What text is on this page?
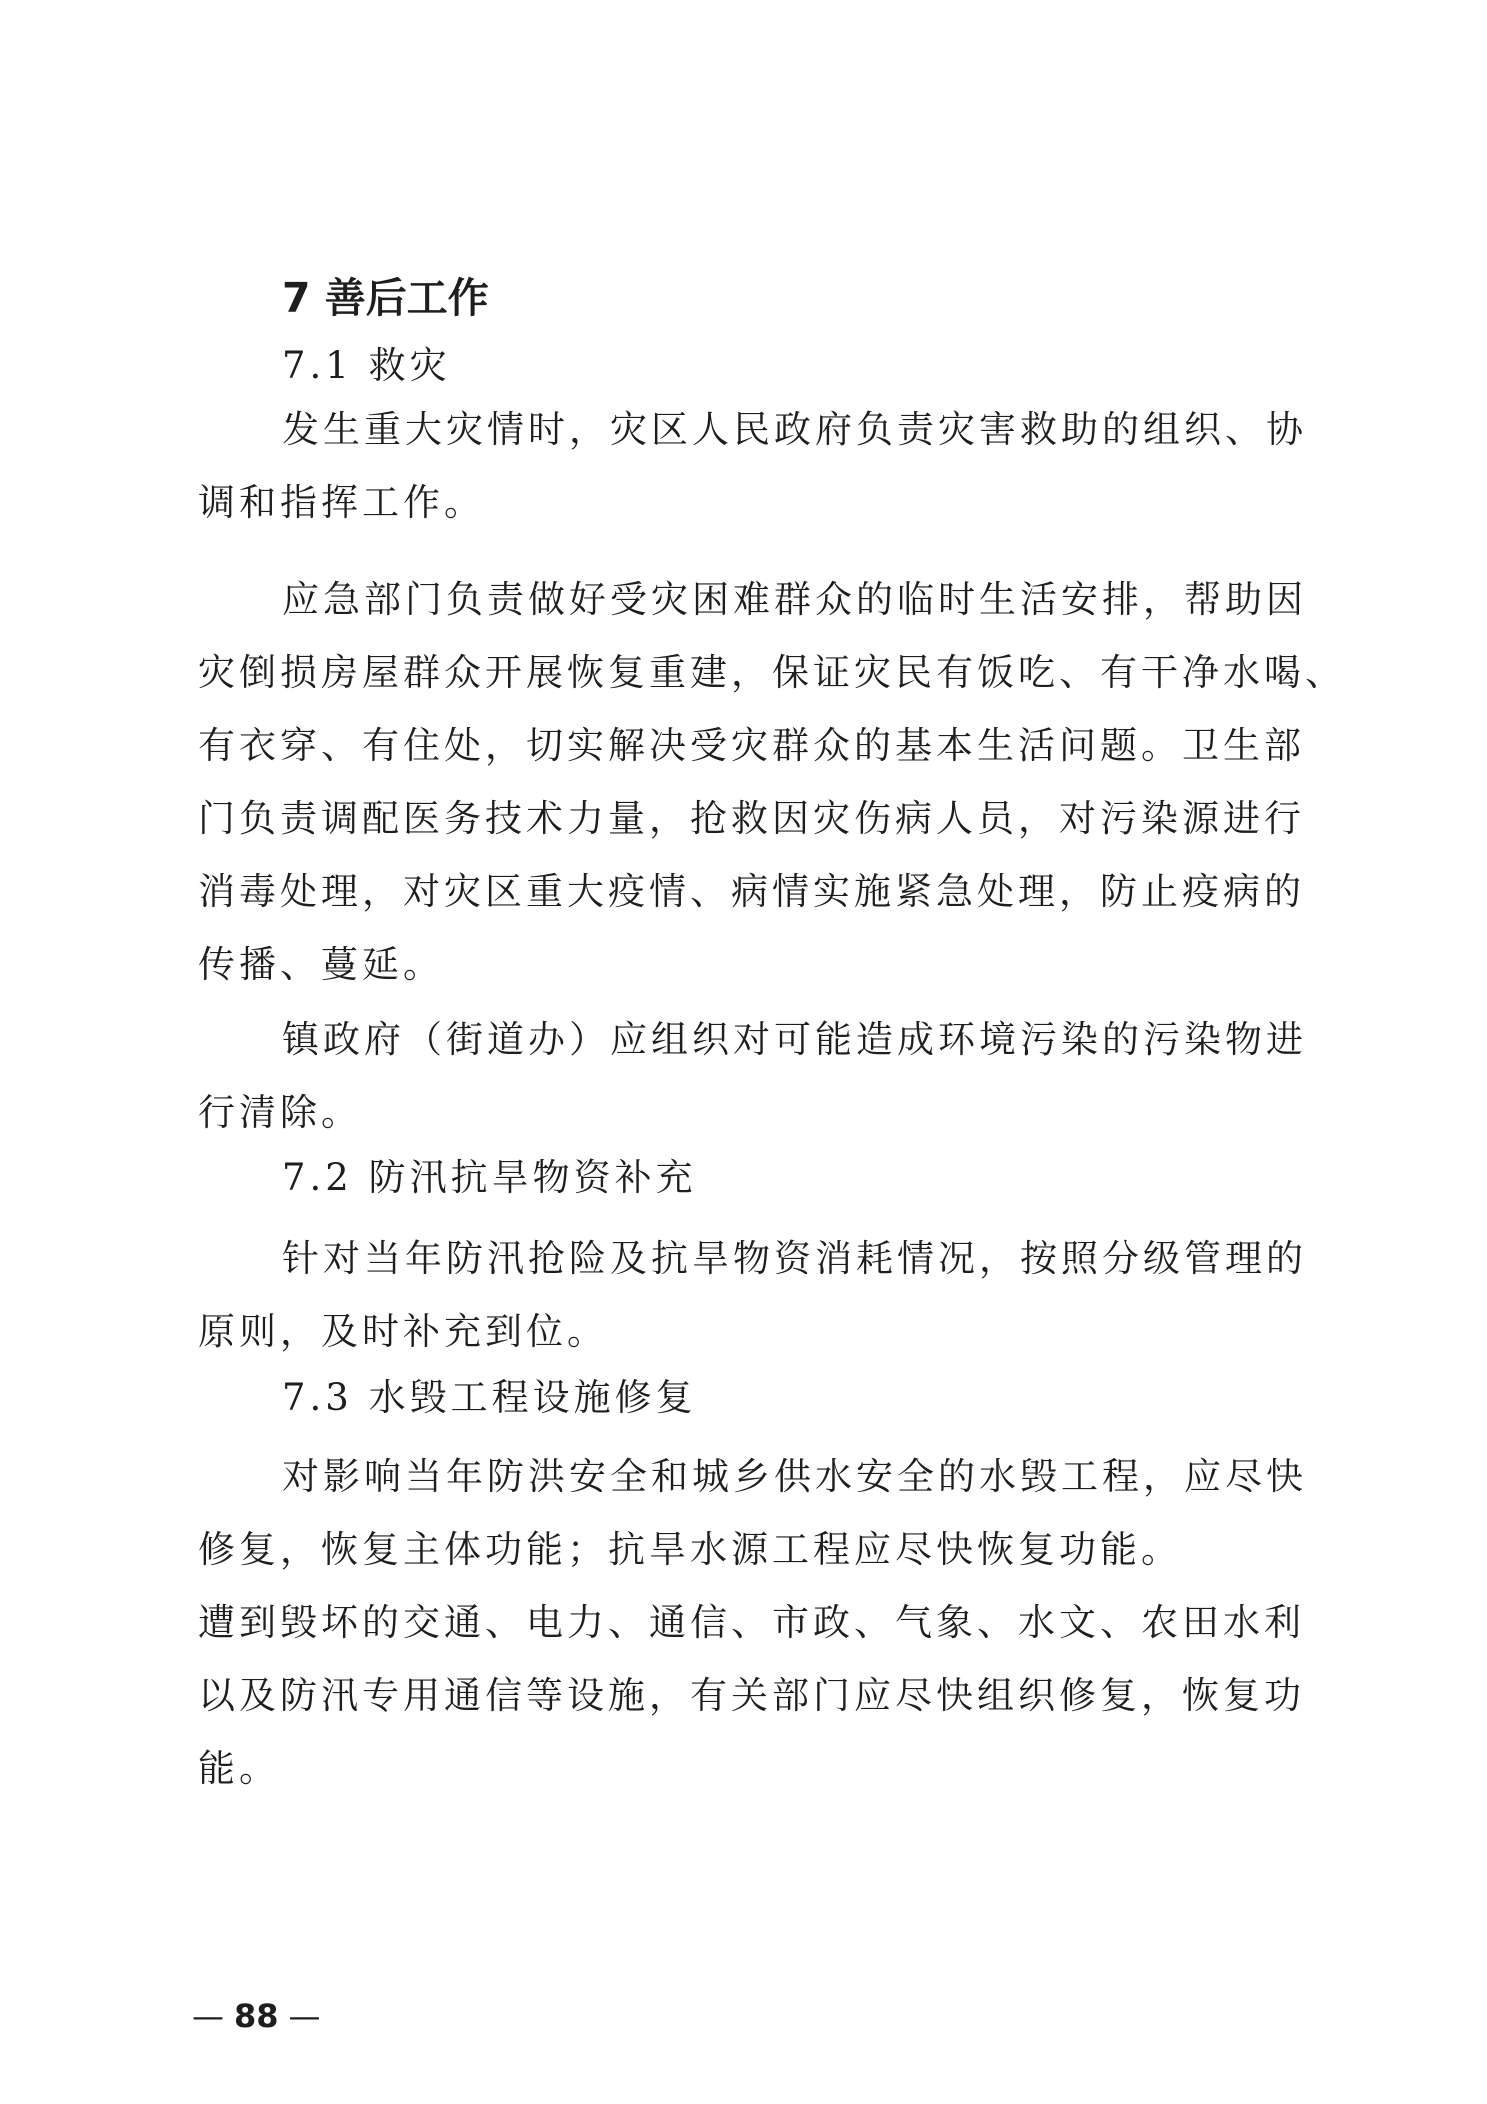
7 善后工作
7.1 救灾
发生重大灾情时，灾区人民政府负责灾害救助的组织、协
调和指挥工作。
应急部门负责做好受灾困难群众的临时生活安排，帮助因
灾倒损房屋群众开展恢复重建，保证灾民有饭吃、有干净水喝、
有衣穿、有住处，切实解决受灾群众的基本生活问题。卫生部
门负责调配医务技术力量，抢救因灾伤病人员，对污染源进行
消毒处理，对灾区重大疫情、病情实施紧急处理，防止疫病的
传播、蔓延。
镇政府（街道办）应组织对可能造成环境污染的污染物进
行清除。
7.2 防汛抗旱物资补充
针对当年防汛抢险及抗旱物资消耗情况，按照分级管理的
原则，及时补充到位。
7.3 水毁工程设施修复
对影响当年防洪安全和城乡供水安全的水毁工程，应尽快
修复，恢复主体功能；抗旱水源工程应尽快恢复功能。
遭到毁坏的交通、电力、通信、市政、气象、水文、农田水利
以及防汛专用通信等设施，有关部门应尽快组织修复，恢复功
能。
— 88 —
